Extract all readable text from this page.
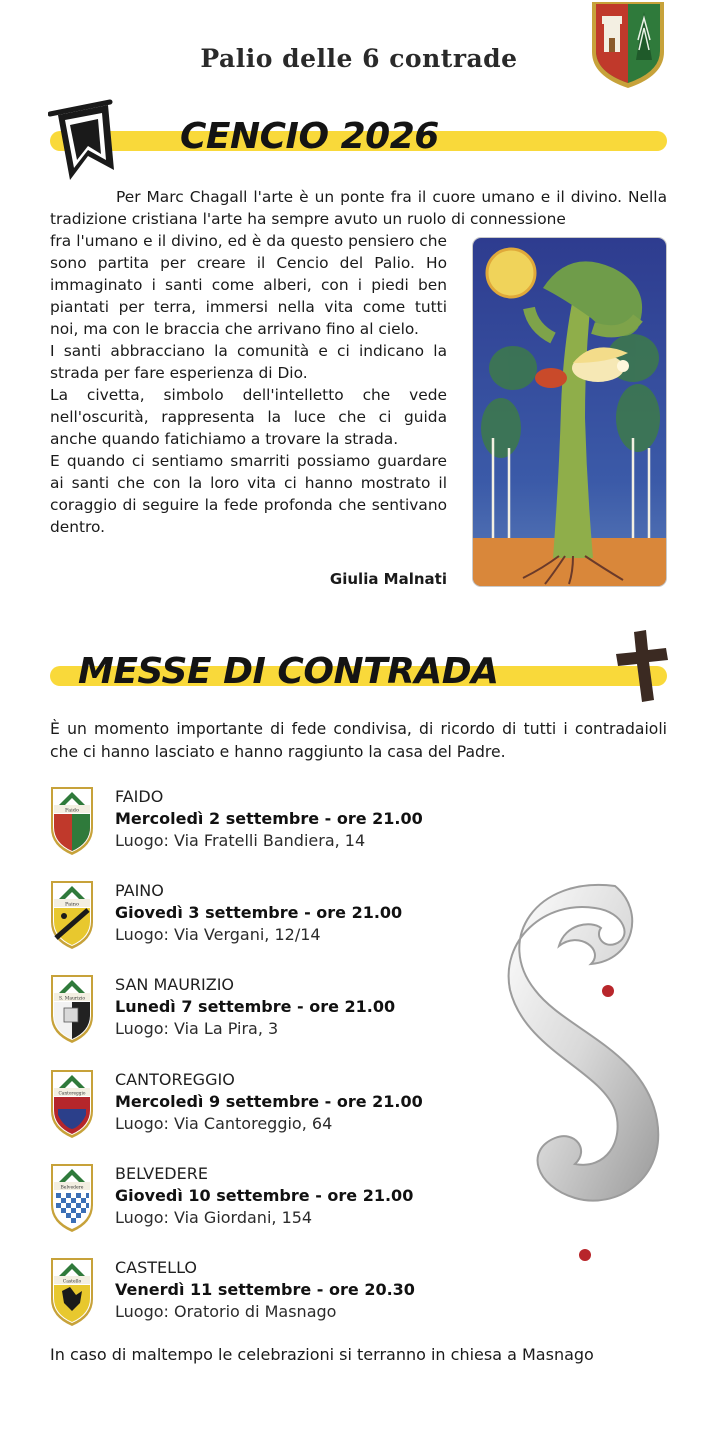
Palio delle 6 contrade
CENCIO 2026
Per Marc Chagall l'arte è un ponte fra il cuore umano e il divino. Nella tradizione cristiana l'arte ha sempre avuto un ruolo di connessione

fra l'umano e il divino, ed è da questo pensiero che sono partita per creare il Cencio del Palio. Ho immaginato i santi come alberi, con i piedi ben piantati per terra, immersi nella vita come tutti noi, ma con le braccia che arrivano fino al cielo.

I santi abbracciano la comunità e ci indicano la strada per fare esperienza di Dio.

La civetta, simbolo dell'intelletto che vede nell'oscurità, rappresenta la luce che ci guida anche quando fatichiamo a trovare la strada.

E quando ci sentiamo smarriti possiamo guardare ai santi che con la loro vita ci hanno mostrato il coraggio di seguire la fede profonda che sentivano dentro.

Giulia Malnati
MESSE DI CONTRADA
È un momento importante di fede condivisa, di ricordo di tutti i contradaioli che ci hanno lasciato e hanno raggiunto la casa del Padre.
Faido
FAIDO
Mercoledì 2 settembre - ore 21.00
Luogo: Via Fratelli Bandiera, 14
Paino
PAINO
Giovedì 3 settembre - ore 21.00
Luogo: Via Vergani, 12/14
S. Maurizio
SAN MAURIZIO
Lunedì 7 settembre - ore 21.00
Luogo: Via La Pira, 3
Cantoreggio
CANTOREGGIO
Mercoledì 9 settembre - ore 21.00
Luogo: Via Cantoreggio, 64
Belvedere
BELVEDERE
Giovedì 10 settembre - ore 21.00
Luogo: Via Giordani, 154
Castello
CASTELLO
Venerdì 11 settembre - ore 20.30
Luogo: Oratorio di Masnago
In caso di maltempo le celebrazioni si terranno in chiesa a Masnago
